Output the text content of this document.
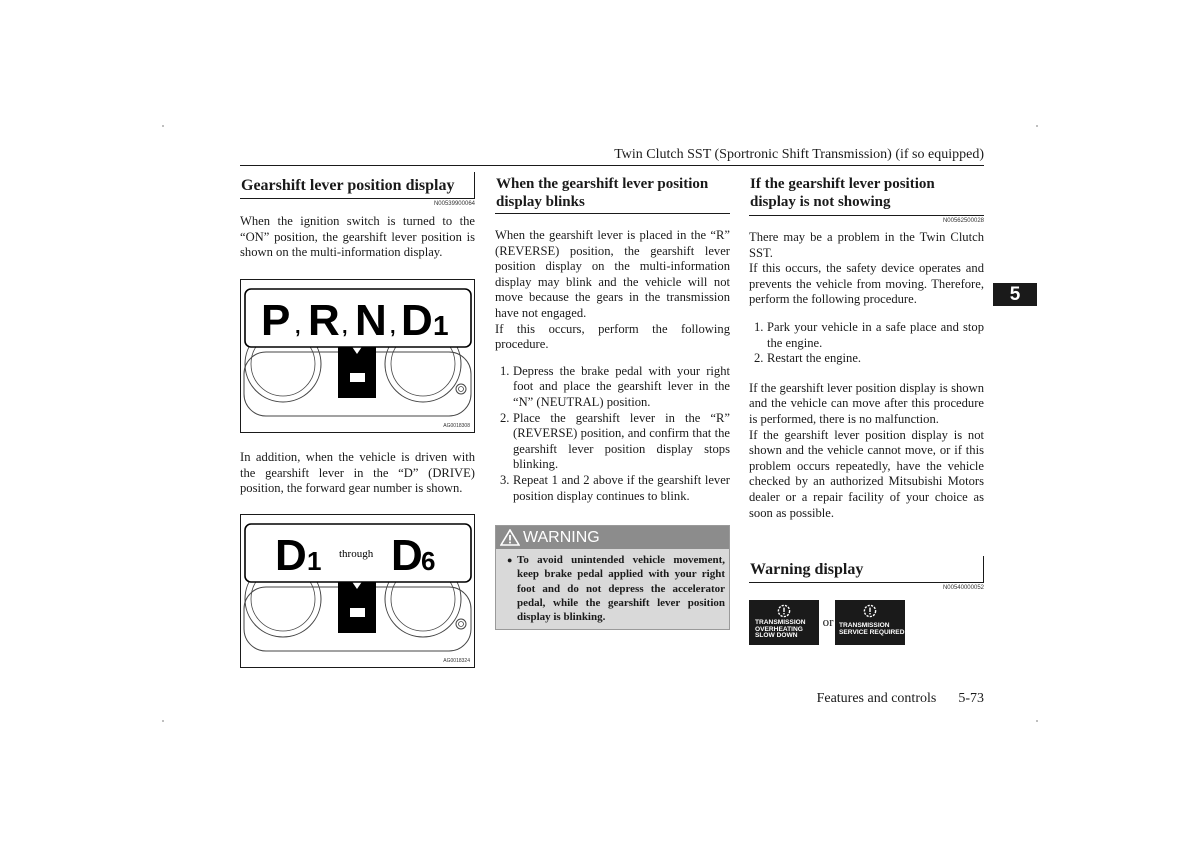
Twin Clutch SST (Sportronic Shift Transmission) (if so equipped)
5
Gearshift lever position display
N00539900064

When the ignition switch is turned to the “ON” position, the gearshift lever position is shown on the multi-information display.

P , R , N , D 1
AG0018308

In addition, when the vehicle is driven with the gearshift lever in the “D” (DRIVE) position, the forward gear number is shown.

D 1 through D
6
AG0018324
When the gearshift lever position display blinks

When the gearshift lever is placed in the “R” (REVERSE) position, the gearshift lever position display on the multi-information display may blink and the vehicle will not move because the gears in the transmission have not engaged.

If this occurs, perform the following procedure.

1. Depress the brake pedal with your right foot and place the gearshift lever in the “N” (NEUTRAL) position.
2. Place the gearshift lever in the “R” (REVERSE) position, and confirm that the gearshift lever position display stops blinking.
3. Repeat 1 and 2 above if the gearshift lever position display continues to blink.
WARNING
● To avoid unintended vehicle movement, keep brake pedal applied with your right foot and do not depress the accelerator pedal, while the gearshift lever position display is blinking.
If the gearshift lever position display is not showing
N00562500028

There may be a problem in the Twin Clutch SST.

If this occurs, the safety device operates and prevents the vehicle from moving. Therefore, perform the following procedure.

1. Park your vehicle in a safe place and stop the engine.
2. Restart the engine.

If the gearshift lever position display is shown and the vehicle can move after this procedure is performed, there is no malfunction.

If the gearshift lever position display is not shown and the vehicle cannot move, or if this problem occurs repeatedly, have the vehicle checked by an authorized Mitsubishi Motors dealer or a repair facility of your choice as soon as possible.

Warning display
N00540000052
TRANSMISSION
OVERHEATING
SLOW DOWN
or TRANSMISSION
SERVICE REQUIRED
Features and controls 5-73
